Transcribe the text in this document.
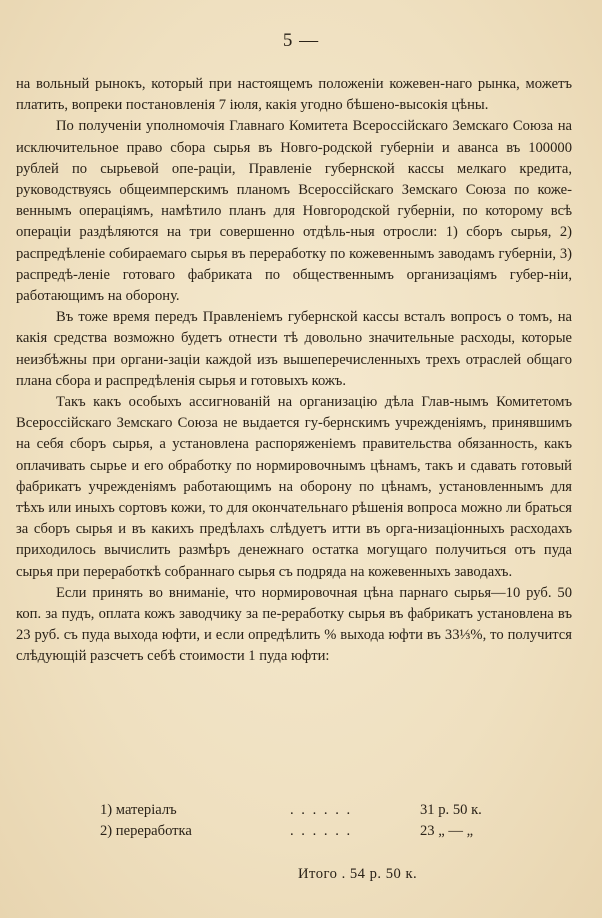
5 —

на вольный рынокъ, который при настоящемъ положеніи кожевен-наго рынка, можетъ платить, вопреки постановленія 7 іюля, какія угодно бѣшено-высокія цѣны.

По полученіи уполномочія Главнаго Комитета Всероссійскаго Земскаго Союза на исключительное право сбора сырья въ Новго-родской губерніи и аванса въ 100000 рублей по сырьевой опе-раціи, Правленіе губернской кассы мелкаго кредита, руководствуясь общеимперскимъ планомъ Всероссійскаго Земскаго Союза по коже-веннымъ операціямъ, намѣтило планъ для Новгородской губерніи, по которому всѣ операціи раздѣляются на три совершенно отдѣль-ныя отросли: 1) сборъ сырья, 2) распредѣленіе собираемаго сырья въ переработку по кожевеннымъ заводамъ губерніи, 3) распредѣ-леніе готоваго фабриката по общественнымъ организаціямъ губер-ніи, работающимъ на оборону.

Въ тоже время передъ Правленіемъ губернской кассы всталъ вопросъ о томъ, на какія средства возможно будетъ отнести тѣ довольно значительные расходы, которые неизбѣжны при органи-заціи каждой изъ вышеперечисленныхъ трехъ отраслей общаго плана сбора и распредѣленія сырья и готовыхъ кожъ.

Такъ какъ особыхъ ассигнованій на организацію дѣла Глав-нымъ Комитетомъ Всероссійскаго Земскаго Союза не выдается гу-бернскимъ учрежденіямъ, принявшимъ на себя сборъ сырья, а установлена распоряженіемъ правительства обязанность, какъ оплачивать сырье и его обработку по нормировочнымъ цѣнамъ, такъ и сдавать готовый фабрикатъ учрежденіямъ работающимъ на оборону по цѣнамъ, установленнымъ для тѣхъ или иныхъ сортовъ кожи, то для окончательнаго рѣшенія вопроса можно ли браться за сборъ сырья и въ какихъ предѣлахъ слѣдуетъ итти въ орга-низаціонныхъ расходахъ приходилось вычислить размѣръ денежнаго остатка могущаго получиться отъ пуда сырья при переработкѣ собраннаго сырья съ подряда на кожевенныхъ заводахъ.

Если принять во вниманіе, что нормировочная цѣна парнаго сырья—10 руб. 50 коп. за пудъ, оплата кожъ заводчику за пе-реработку сырья въ фабрикатъ установлена въ 23 руб. съ пуда выхода юфти, и если опредѣлить % выхода юфти въ 33⅓%, то получится слѣдующій разсчетъ себѣ стоимости 1 пуда юфти:

1) матеріалъ	. . . . . .	31 р. 50 к.
2) переработка	. . . . . .	23 „ — „
Итого . 54 р. 50 к.
